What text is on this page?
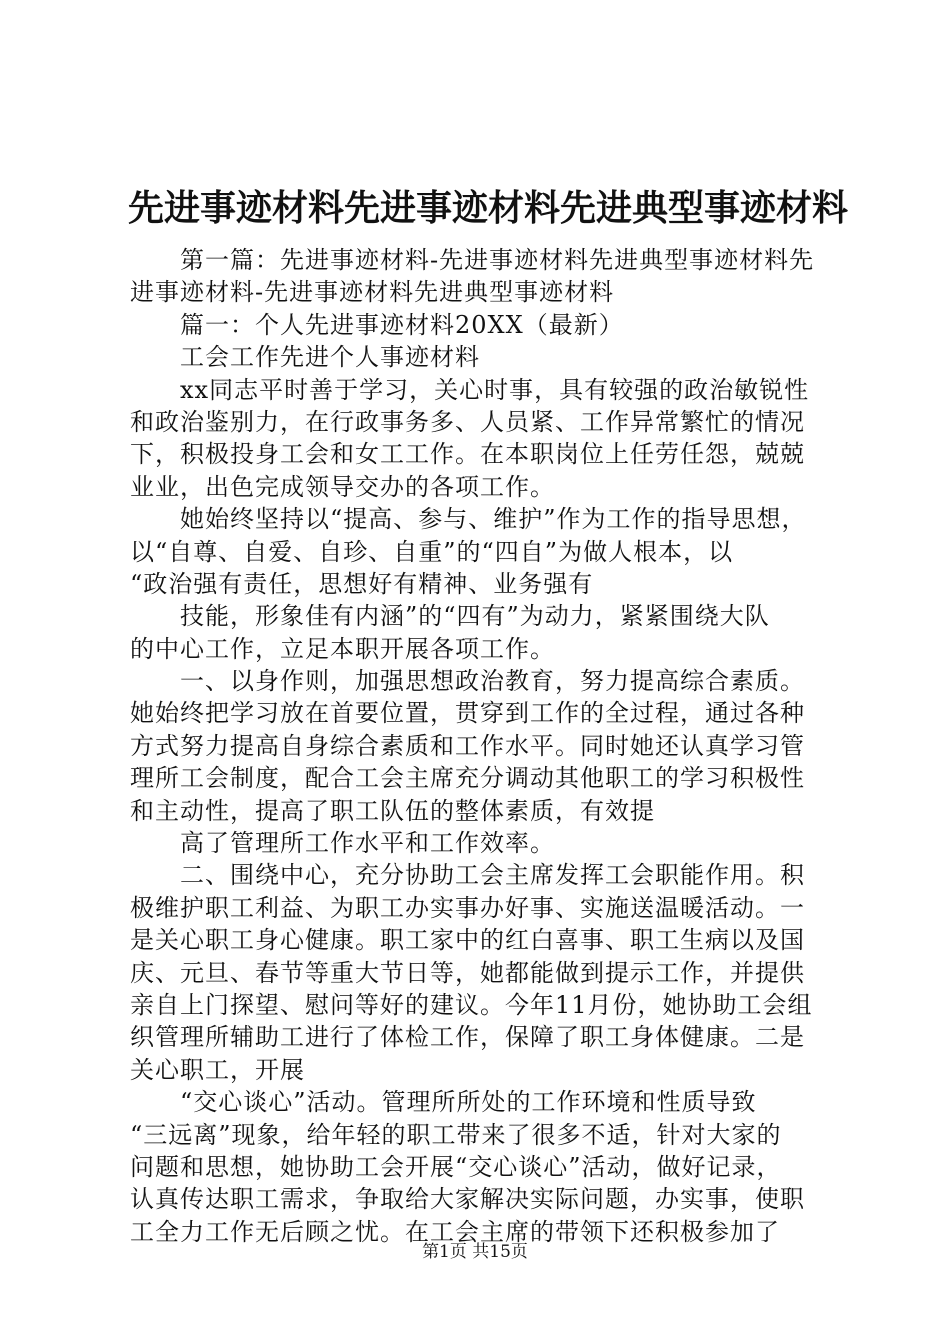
先进事迹材料先进事迹材料先进典型事迹材料
　　第一篇：先进事迹材料-先进事迹材料先进典型事迹材料先
进事迹材料-先进事迹材料先进典型事迹材料
　　篇一：个人先进事迹材料20XX（最新）
　　工会工作先进个人事迹材料
　　xx同志平时善于学习，关心时事，具有较强的政治敏锐性
和政治鉴别力，在行政事务多、人员紧、工作异常繁忙的情况
下，积极投身工会和女工工作。在本职岗位上任劳任怨，兢兢
业业，出色完成领导交办的各项工作。
　　她始终坚持以“提高、参与、维护”作为工作的指导思想，
以“自尊、自爱、自珍、自重”的“四自”为做人根本，以
“政治强有责任，思想好有精神、业务强有
　　技能，形象佳有内涵”的“四有”为动力，紧紧围绕大队
的中心工作，立足本职开展各项工作。
　　一、以身作则，加强思想政治教育，努力提高综合素质。
她始终把学习放在首要位置，贯穿到工作的全过程，通过各种
方式努力提高自身综合素质和工作水平。同时她还认真学习管
理所工会制度，配合工会主席充分调动其他职工的学习积极性
和主动性，提高了职工队伍的整体素质，有效提
　　高了管理所工作水平和工作效率。
　　二、围绕中心，充分协助工会主席发挥工会职能作用。积
极维护职工利益、为职工办实事办好事、实施送温暖活动。一
是关心职工身心健康。职工家中的红白喜事、职工生病以及国
庆、元旦、春节等重大节日等，她都能做到提示工作，并提供
亲自上门探望、慰问等好的建议。今年11月份，她协助工会组
织管理所辅助工进行了体检工作，保障了职工身体健康。二是
关心职工，开展
　　“交心谈心”活动。管理所所处的工作环境和性质导致
“三远离”现象，给年轻的职工带来了很多不适，针对大家的
问题和思想，她协助工会开展“交心谈心”活动，做好记录，
认真传达职工需求，争取给大家解决实际问题，办实事，使职
工全力工作无后顾之忧。在工会主席的带领下还积极参加了
第1页 共15页
